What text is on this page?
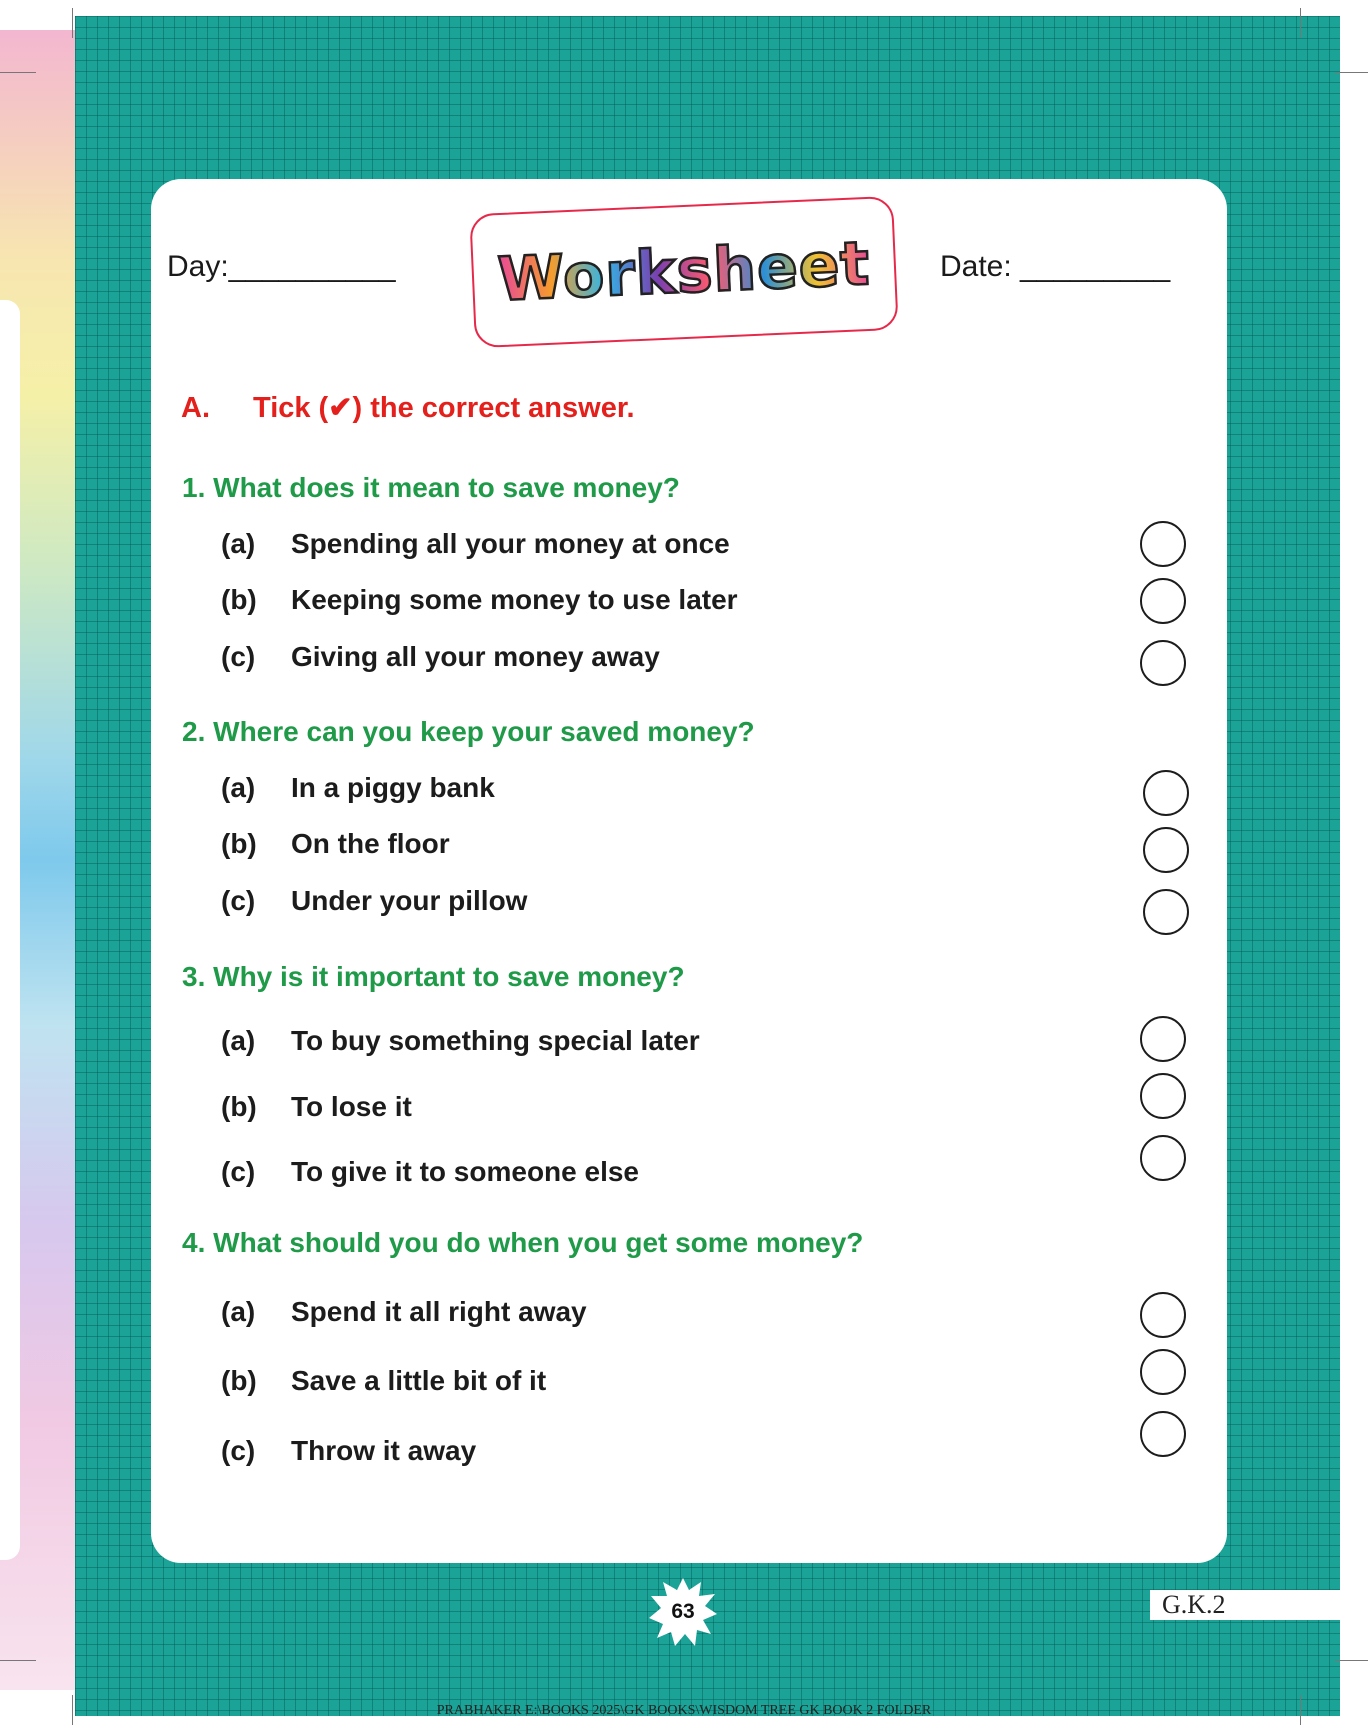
Day:__________	Date: _________
Worksheet
A. Tick (✔) the correct answer.
1. What does it mean to save money?
(a) Spending all your money at once
(b) Keeping some money to use later
(c) Giving all your money away
2. Where can you keep your saved money?
(a) In a piggy bank
(b) On the floor
(c) Under your pillow
3. Why is it important to save money?
(a) To buy something special later
(b) To lose it
(c) To give it to someone else
4. What should you do when you get some money?
(a) Spend it all right away
(b) Save a little bit of it
(c) Throw it away
63	G.K.2
PRABHAKER E:\BOOKS 2025\GK BOOKS\WISDOM TREE GK BOOK 2 FOLDER
